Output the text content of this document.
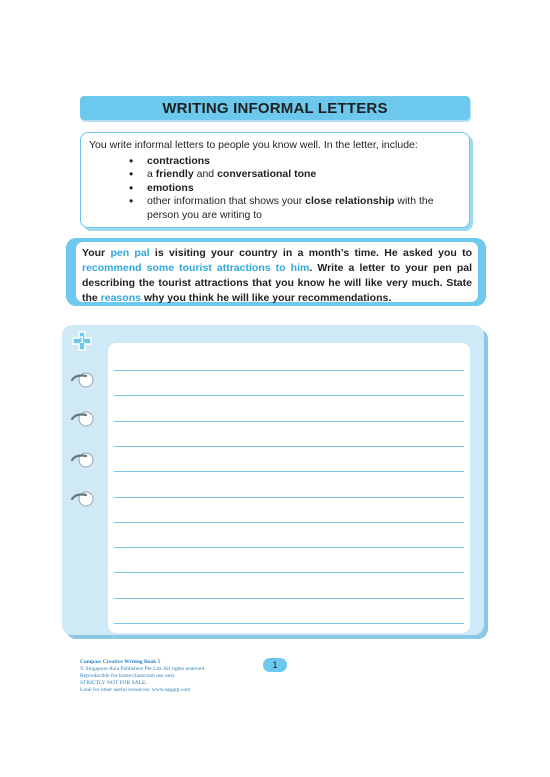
WRITING INFORMAL LETTERS

You write informal letters to people you know well. In the letter, include:

• contractions
• a friendly and conversational tone
• emotions
• other information that shows your close relationship with the person you are writing to
Your pen pal is visiting your country in a month’s time. He asked you to recommend some tourist attractions to him. Write a letter to your pen pal describing the tourist attractions that you know he will like very much. State the reasons why you think he will like your recommendations.
1
Compass Creative Writing Book 5
© Singapore Asia Publishers Pte Ltd. All rights reserved.
Reproducible for home/classroom use only.
STRICTLY NOT FOR SALE.
Look for other useful resources: www.sapgrp.com
1
